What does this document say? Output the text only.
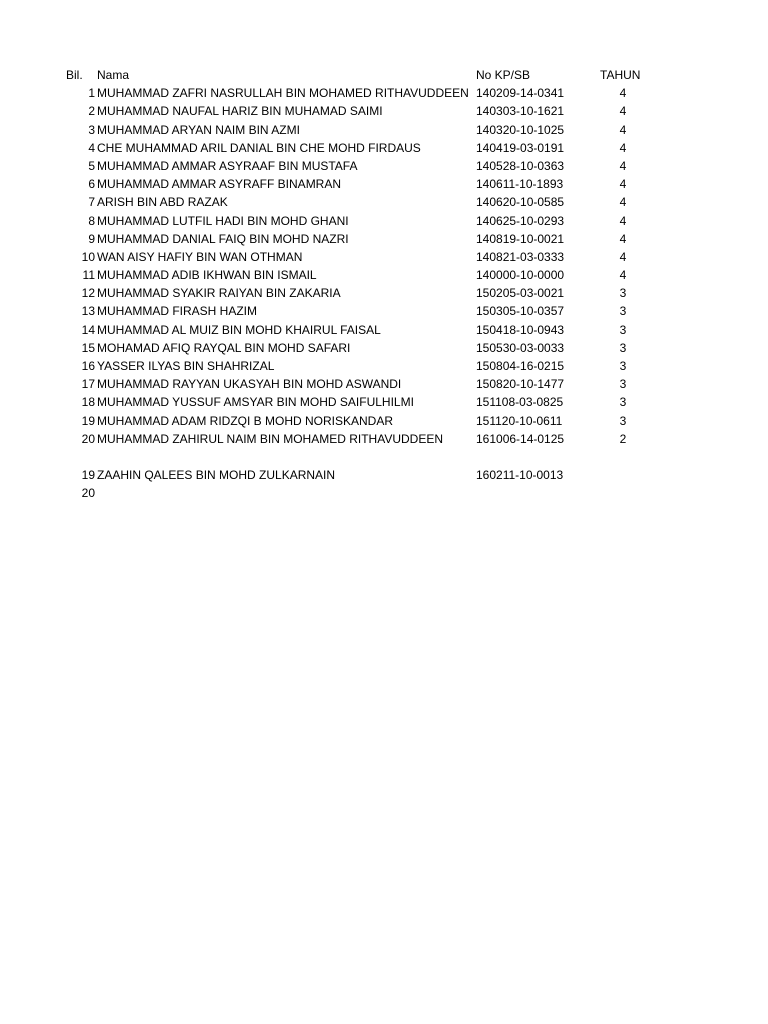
Bil. Nama	No KP/SB	TAHUN
1 MUHAMMAD ZAFRI NASRULLAH BIN MOHAMED RITHAVUDDEEN 140209-14-0341	4
2 MUHAMMAD NAUFAL HARIZ BIN MUHAMAD SAIMI	140303-10-1621	4
3 MUHAMMAD ARYAN NAIM BIN AZMI	140320-10-1025	4
4 CHE MUHAMMAD ARIL DANIAL BIN CHE MOHD FIRDAUS	140419-03-0191	4
5 MUHAMMAD AMMAR ASYRAAF BIN MUSTAFA	140528-10-0363	4
6 MUHAMMAD AMMAR ASYRAFF BINAMRAN	140611-10-1893	4
7 ARISH BIN ABD RAZAK	140620-10-0585	4
8 MUHAMMAD LUTFIL HADI BIN MOHD GHANI	140625-10-0293	4
9 MUHAMMAD DANIAL FAIQ BIN MOHD NAZRI	140819-10-0021	4
10 WAN AISY HAFIY BIN WAN OTHMAN	140821-03-0333	4
11 MUHAMMAD ADIB IKHWAN BIN ISMAIL	140000-10-0000	4
12 MUHAMMAD SYAKIR RAIYAN BIN ZAKARIA	150205-03-0021	3
13 MUHAMMAD FIRASH HAZIM	150305-10-0357	3
14 MUHAMMAD AL MUIZ BIN MOHD KHAIRUL FAISAL	150418-10-0943	3
15 MOHAMAD AFIQ RAYQAL BIN MOHD SAFARI	150530-03-0033	3
16 YASSER ILYAS BIN SHAHRIZAL	150804-16-0215	3
17 MUHAMMAD RAYYAN UKASYAH BIN MOHD ASWANDI	150820-10-1477	3
18 MUHAMMAD YUSSUF AMSYAR BIN MOHD SAIFULHILMI	151108-03-0825	3
19 MUHAMMAD ADAM RIDZQI B MOHD NORISKANDAR	151120-10-0611	3
20 MUHAMMAD ZAHIRUL NAIM BIN MOHAMED RITHAVUDDEEN	161006-14-0125	2
19 ZAAHIN QALEES BIN MOHD ZULKARNAIN	160211-10-0013
20
